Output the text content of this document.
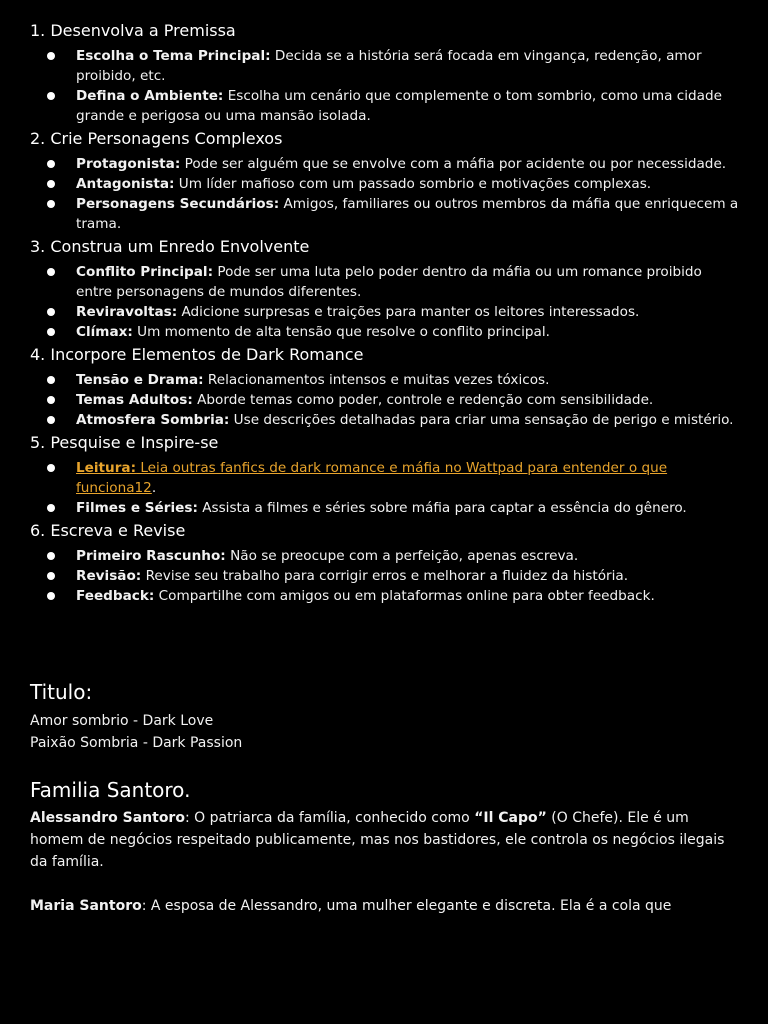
1. Desenvolva a Premissa
Escolha o Tema Principal: Decida se a história será focada em vingança, redenção, amor proibido, etc.
Defina o Ambiente: Escolha um cenário que complemente o tom sombrio, como uma cidade grande e perigosa ou uma mansão isolada.
2. Crie Personagens Complexos
Protagonista: Pode ser alguém que se envolve com a máfia por acidente ou por necessidade.
Antagonista: Um líder mafioso com um passado sombrio e motivações complexas.
Personagens Secundários: Amigos, familiares ou outros membros da máfia que enriquecem a trama.
3. Construa um Enredo Envolvente
Conflito Principal: Pode ser uma luta pelo poder dentro da máfia ou um romance proibido entre personagens de mundos diferentes.
Reviravoltas: Adicione surpresas e traições para manter os leitores interessados.
Clímax: Um momento de alta tensão que resolve o conflito principal.
4. Incorpore Elementos de Dark Romance
Tensão e Drama: Relacionamentos intensos e muitas vezes tóxicos.
Temas Adultos: Aborde temas como poder, controle e redenção com sensibilidade.
Atmosfera Sombria: Use descrições detalhadas para criar uma sensação de perigo e mistério.
5. Pesquise e Inspire-se
Leitura: Leia outras fanfics de dark romance e máfia no Wattpad para entender o que funciona12.
Filmes e Séries: Assista a filmes e séries sobre máfia para captar a essência do gênero.
6. Escreva e Revise
Primeiro Rascunho: Não se preocupe com a perfeição, apenas escreva.
Revisão: Revise seu trabalho para corrigir erros e melhorar a fluidez da história.
Feedback: Compartilhe com amigos ou em plataformas online para obter feedback.
Titulo:

Amor sombrio - Dark Love

Paixão Sombria - Dark Passion

Familia Santoro.

Alessandro Santoro: O patriarca da família, conhecido como “Il Capo” (O Chefe). Ele é um homem de negócios respeitado publicamente, mas nos bastidores, ele controla os negócios ilegais da família.

Maria Santoro: A esposa de Alessandro, uma mulher elegante e discreta. Ela é a cola que
